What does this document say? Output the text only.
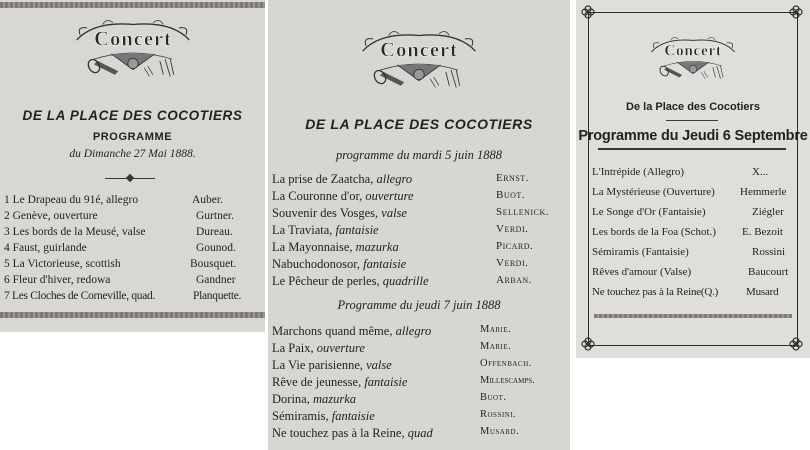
Concert
DE LA PLACE DES COCOTIERS
PROGRAMME
du Dimanche 27 Mai 1888.
1 Le Drapeau du 91é, allegro	Auber.
2 Genève, ouverture	Gurtner.
3 Les bords de la Meusé, valse	Dureau.
4 Faust, guirlande	Gounod.
5 La Victorieuse, scottish	Bousquet.
6 Fleur d'hiver, redowa	Gandner
7 Les Cloches de Corneville, quad.	Planquette.
Concert
DE LA PLACE DES COCOTIERS
programme du mardi 5 juin 1888
La prise de Zaatcha, allegro	Ernst.
La Couronne d'or, ouverture	Buot.
Souvenir des Vosges, valse	Sellenick.
La Traviata, fantaisie	Verdi.
La Mayonnaise, mazurka	Picard.
Nabuchodonosor, fantaisie	Verdi.
Le Pêcheur de perles, quadrille	Arban.
Programme du jeudi 7 juin 1888
Marchons quand même, allegro	Marie.
La Paix, ouverture	Marie.
La Vie parisienne, valse	Offenbach.
Rêve de jeunesse, fantaisie	Millescamps.
Dorina, mazurka	Buot.
Sémiramis, fantaisie	Rossini.
Ne touchez pas à la Reine, quad	Musard.
Concert
De la Place des Cocotiers
Programme du Jeudi 6 Septembre
L'Intrépide (Allegro)	X...
La Mystérieuse (Ouverture) Hemmerle
Le Songe d'Or (Fantaisie)	Ziégler
Les bords de la Foa (Schot.) E. Bezoit
Sémiramis (Fantaisie)	Rossini
Rêves d'amour (Valse)	Baucourt
Ne touchez pas à la Reine(Q.)	Musard
